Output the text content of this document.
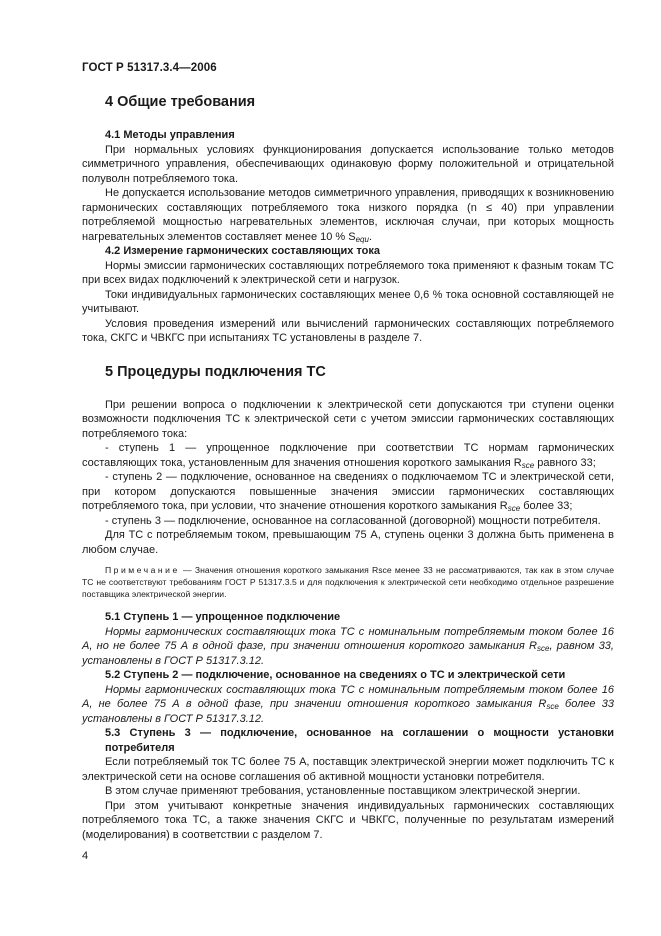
ГОСТ Р 51317.3.4—2006
4 Общие требования
4.1 Методы управления

При нормальных условиях функционирования допускается использование только методов симметричного управления, обеспечивающих одинаковую форму положительной и отрицательной полуволн потребляемого тока.

Не допускается использование методов симметричного управления, приводящих к возникновению гармонических составляющих потребляемого тока низкого порядка (n ≤ 40) при управлении потребляемой мощностью нагревательных элементов, исключая случаи, при которых мощность нагревательных элементов составляет менее 10 % $S_{equ}$.

4.2 Измерение гармонических составляющих тока

Нормы эмиссии гармонических составляющих потребляемого тока применяют к фазным токам ТС при всех видах подключений к электрической сети и нагрузок.

Токи индивидуальных гармонических составляющих менее 0,6 % тока основной составляющей не учитывают.

Условия проведения измерений или вычислений гармонических составляющих потребляемого тока, СКГС и ЧВКГС при испытаниях ТС установлены в разделе 7.

5 Процедуры подключения ТС

При решении вопроса о подключении к электрической сети допускаются три ступени оценки возможности подключения ТС к электрической сети с учетом эмиссии гармонических составляющих потребляемого тока:

- ступень 1 — упрощенное подключение при соответствии ТС нормам гармонических составляющих тока, установленным для значения отношения короткого замыкания $R_{sce}$ равного 33;

- ступень 2 — подключение, основанное на сведениях о подключаемом ТС и электрической сети, при котором допускаются повышенные значения эмиссии гармонических составляющих потребляемого тока, при условии, что значение отношения короткого замыкания $R_{sce}$ более 33;

- ступень 3 — подключение, основанное на согласованной (договорной) мощности потребителя.

Для ТС с потребляемым током, превышающим 75 А, ступень оценки 3 должна быть применена в любом случае.

Примечание — Значения отношения короткого замыкания Rsce менее 33 не рассматриваются, так как в этом случае ТС не соответствуют требованиям ГОСТ Р 51317.3.5 и для подключения к электрической сети необходимо отдельное разрешение поставщика электрической энергии.

5.1 Ступень 1 — упрощенное подключение

Нормы гармонических составляющих тока ТС с номинальным потребляемым током более 16 А, но не более 75 А в одной фазе, при значении отношения короткого замыкания $R_{sce}$, равном 33, установлены в ГОСТ Р 51317.3.12.

5.2 Ступень 2 — подключение, основанное на сведениях о ТС и электрической сети

Нормы гармонических составляющих тока ТС с номинальным потребляемым током более 16 А, не более 75 А в одной фазе, при значении отношения короткого замыкания $R_{sce}$ более 33 установлены в ГОСТ Р 51317.3.12.

5.3 Ступень 3 — подключение, основанное на соглашении о мощности установки потребителя

Если потребляемый ток ТС более 75 А, поставщик электрической энергии может подключить ТС к электрической сети на основе соглашения об активной мощности установки потребителя.

В этом случае применяют требования, установленные поставщиком электрической энергии.

При этом учитывают конкретные значения индивидуальных гармонических составляющих потребляемого тока ТС, а также значения СКГС и ЧВКГС, полученные по результатам измерений (моделирования) в соответствии с разделом 7.

4
